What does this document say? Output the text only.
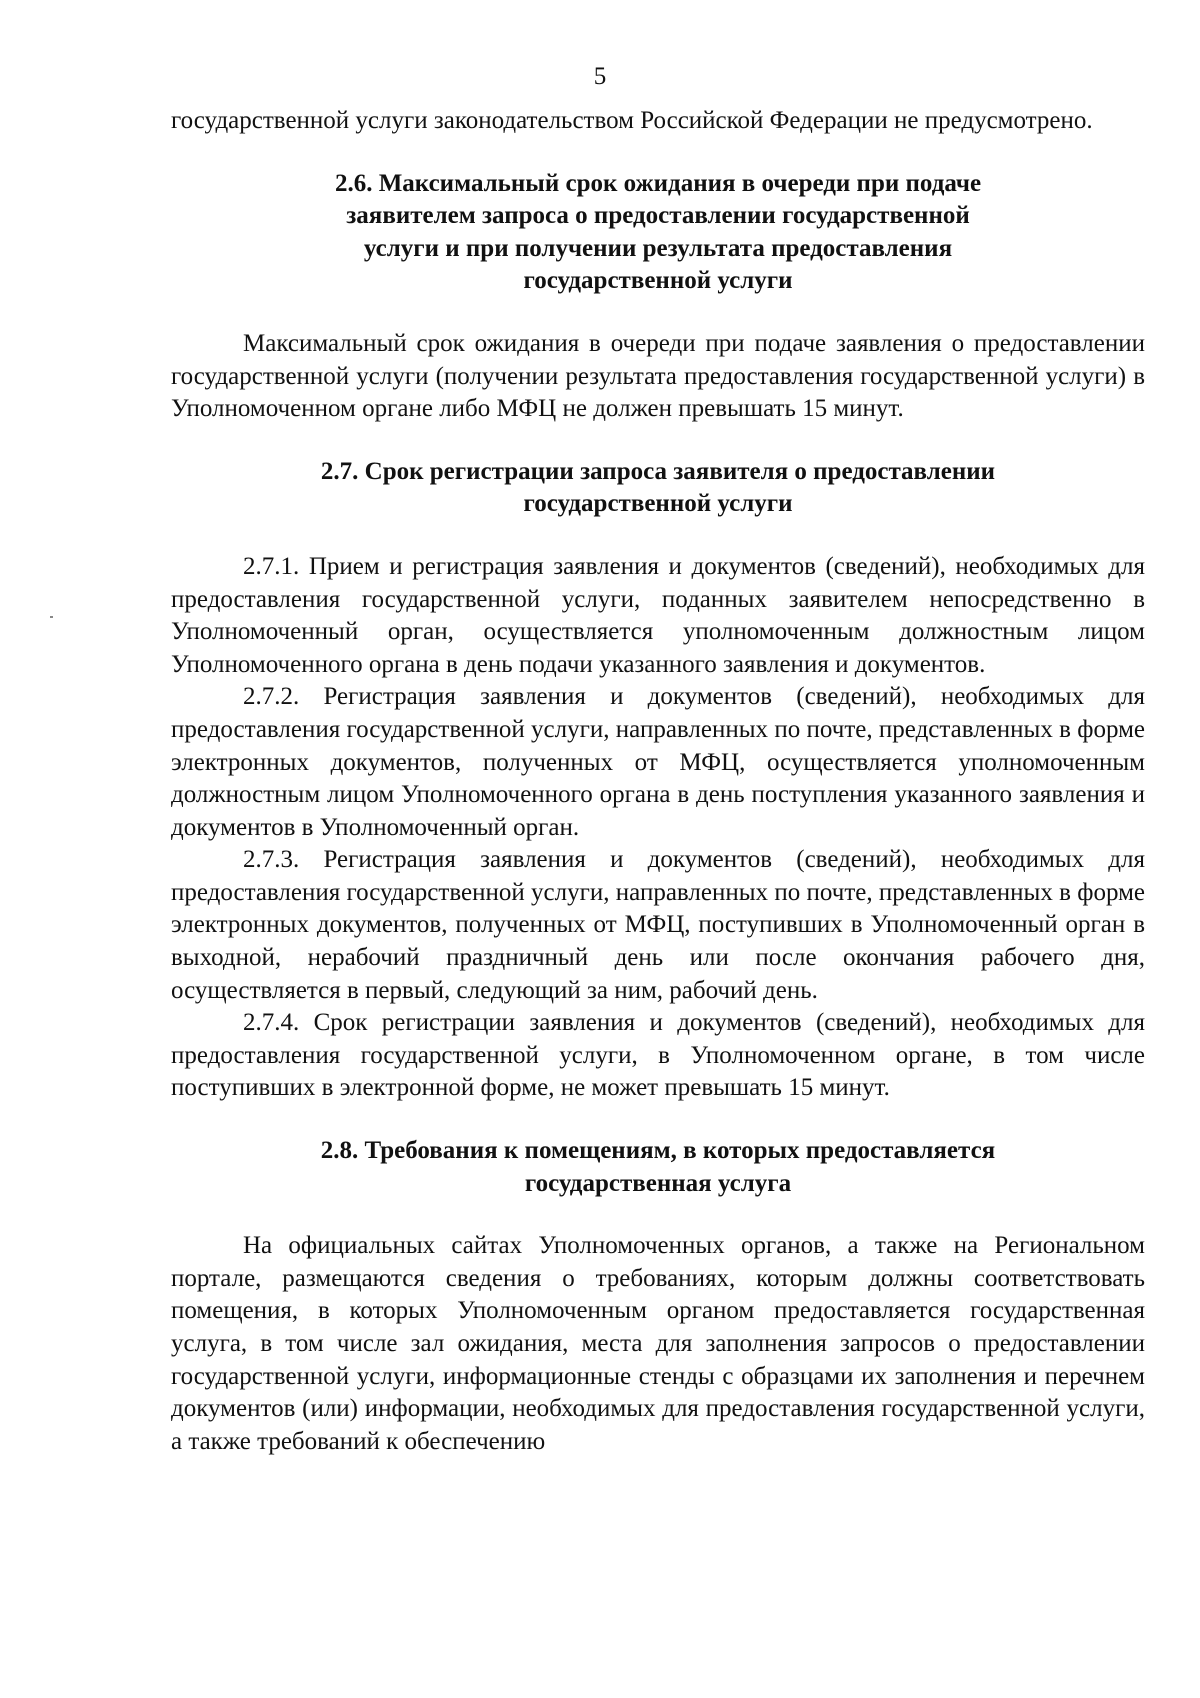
5

государственной услуги законодательством Российской Федерации не предусмотрено.

2.6. Максимальный срок ожидания в очереди при подаче
заявителем запроса о предоставлении государственной
услуги и при получении результата предоставления
государственной услуги

Максимальный срок ожидания в очереди при подаче заявления о предоставлении государственной услуги (получении результата предоставления государственной услуги) в Уполномоченном органе либо МФЦ не должен превышать 15 минут.

2.7. Срок регистрации запроса заявителя о предоставлении
государственной услуги

2.7.1. Прием и регистрация заявления и документов (сведений), необходимых для предоставления государственной услуги, поданных заявителем непосредственно в Уполномоченный орган, осуществляется уполномоченным должностным лицом Уполномоченного органа в день подачи указанного заявления и документов.

2.7.2. Регистрация заявления и документов (сведений), необходимых для предоставления государственной услуги, направленных по почте, представленных в форме электронных документов, полученных от МФЦ, осуществляется уполномоченным должностным лицом Уполномоченного органа в день поступления указанного заявления и документов в Уполномоченный орган.

2.7.3. Регистрация заявления и документов (сведений), необходимых для предоставления государственной услуги, направленных по почте, представленных в форме электронных документов, полученных от МФЦ, поступивших в Уполномоченный орган в выходной, нерабочий праздничный день или после окончания рабочего дня, осуществляется в первый, следующий за ним, рабочий день.

2.7.4. Срок регистрации заявления и документов (сведений), необходимых для предоставления государственной услуги, в Уполномоченном органе, в том числе поступивших в электронной форме, не может превышать 15 минут.

2.8. Требования к помещениям, в которых предоставляется
государственная услуга

На официальных сайтах Уполномоченных органов, а также на Региональном портале, размещаются сведения о требованиях, которым должны соответствовать помещения, в которых Уполномоченным органом предоставляется государственная услуга, в том числе зал ожидания, места для заполнения запросов о предоставлении государственной услуги, информационные стенды с образцами их заполнения и перечнем документов (или) информации, необходимых для предоставления государственной услуги, а также требований к обеспечению
